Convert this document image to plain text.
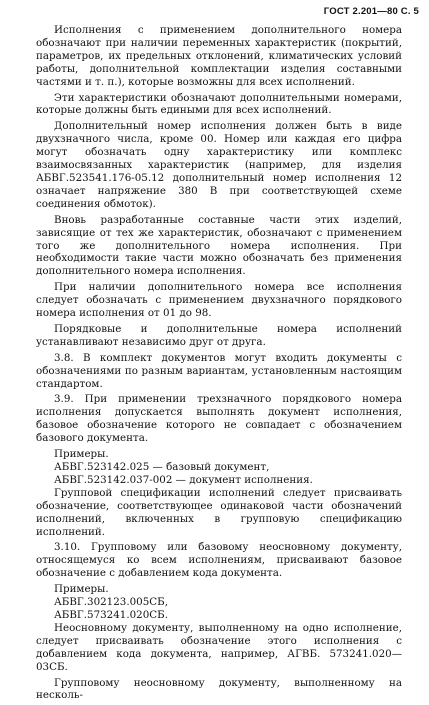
ГОСТ 2.201—80 С. 5

Исполнения с применением дополнительного номера обозначают при наличии переменных характеристик (покрытий, параметров, их предельных отклонений, климатических условий работы, дополнительной комплектации изделия составными частями и т. п.), которые возможны для всех исполнений.

Эти характеристики обозначают дополнительными номерами, которые должны быть едиными для всех исполнений.

Дополнительный номер исполнения должен быть в виде двухзначного числа, кроме 00. Номер или каждая его цифра могут обозначать одну характеристику или комплекс взаимосвязанных характеристик (например, для изделия АБВГ.523541.176-05.12 дополнительный номер исполнения 12 означает напряжение 380 В при соответствующей схеме соединения обмоток).

Вновь разработанные составные части этих изделий, зависящие от тех же характеристик, обозначают с применением того же дополнительного номера исполнения. При необходимости такие части можно обозначать без применения дополнительного номера исполнения.

При наличии дополнительного номера все исполнения следует обозначать с применением двухзначного порядкового номера исполнения от 01 до 98.

Порядковые и дополнительные номера исполнений устанавливают независимо друг от друга.

3.8. В комплект документов могут входить документы с обозначениями по разным вариантам, установленным настоящим стандартом.

3.9. При применении трехзначного порядкового номера исполнения допускается выполнять документ исполнения, базовое обозначение которого не совпадает с обозначением базового документа.

Примеры.

АБВГ.523142.025 — базовый документ,

АБВГ.523142.037-002 — документ исполнения.

Групповой спецификации исполнений следует присваивать обозначение, соответствующее одинаковой части обозначений исполнений, включенных в групповую спецификацию исполнений.

3.10. Групповому или базовому неосновному документу, относящемуся ко всем исполнениям, присваивают базовое обозначение с добавлением кода документа.

Примеры.

АБВГ.302123.005СБ,

АБВГ.573241.020СБ.

Неосновному документу, выполненному на одно исполнение, следует присваивать обозначение этого исполнения с добавлением кода документа, например, АГВБ. 573241.020—03СБ.

Групповому неосновному документу, выполненному на несколь-
